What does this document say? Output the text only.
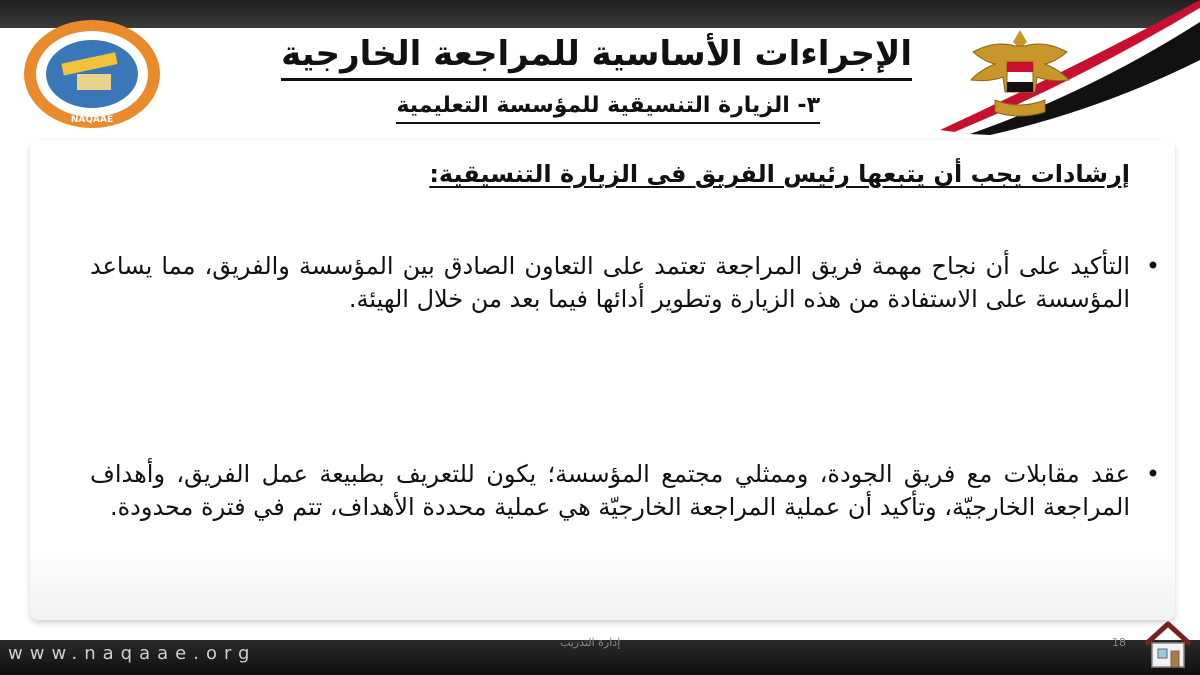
NAQAAE
الإجراءات الأساسية للمراجعة الخارجية
٣- الزيارة التنسيقية للمؤسسة التعليمية
إرشادات يجب أن يتبعها رئيس الفريق فى الزيارة التنسيقية:
•
التأكيد على أن نجاح مهمة فريق المراجعة تعتمد على التعاون الصادق بين المؤسسة والفريق، مما يساعد المؤسسة على الاستفادة من هذه الزيارة وتطوير أدائها فيما بعد من خلال الهيئة.
•
عقد مقابلات مع فريق الجودة، وممثلي مجتمع المؤسسة؛ يكون للتعريف بطبيعة عمل الفريق، وأهداف المراجعة الخارجيّة، وتأكيد أن عملية المراجعة الخارجيّة هي عملية محددة الأهداف، تتم في فترة محدودة.
www.naqaae.org
إدارة التدريب	18
